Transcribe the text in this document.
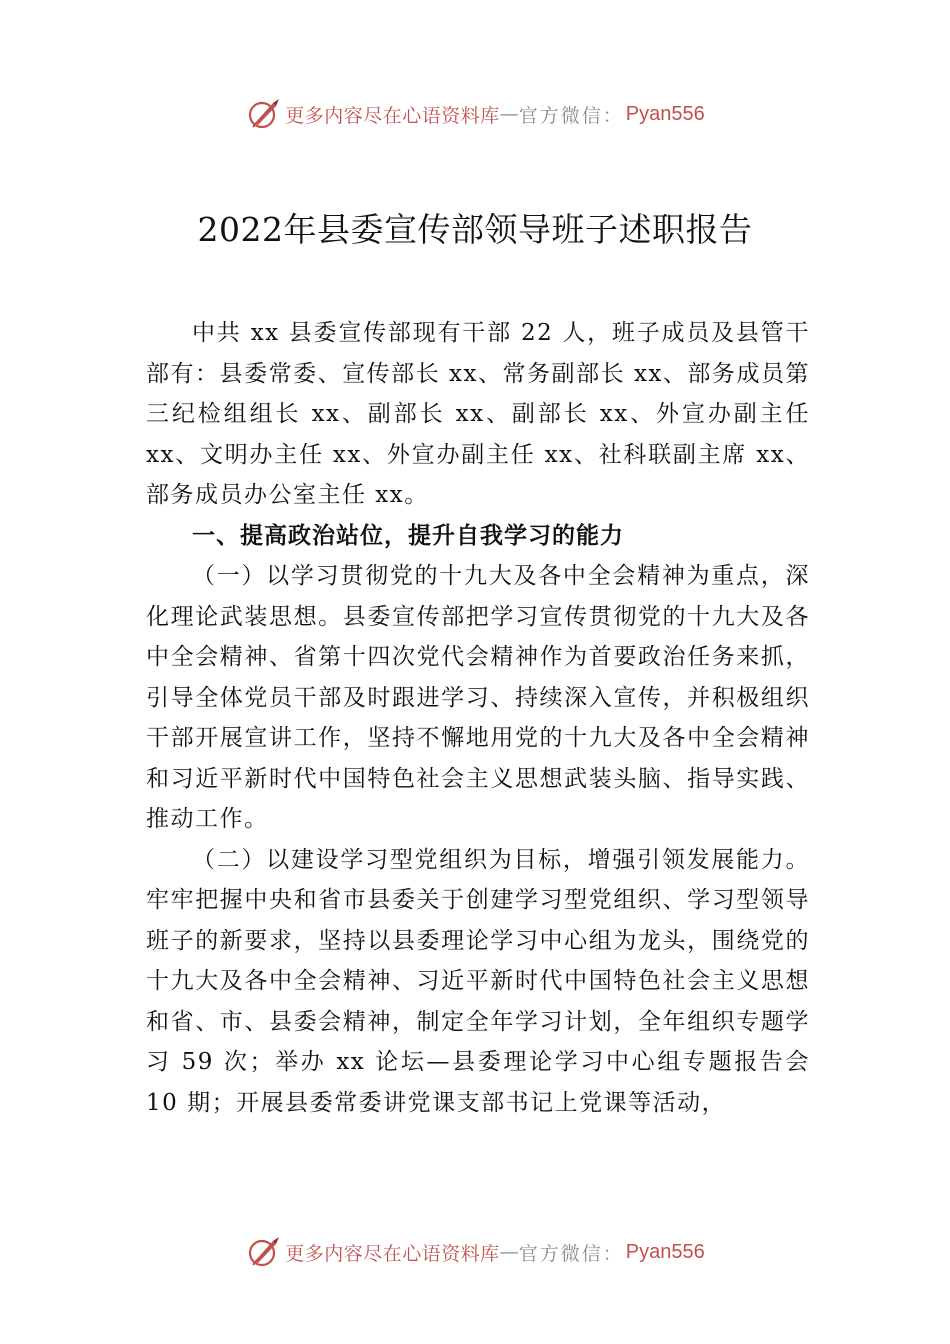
更多内容尽在心语资料库 — 官方微信： Pyan556
2022年县委宣传部领导班子述职报告

中共 xx 县委宣传部现有干部 22 人，班子成员及县管干部有：县委常委、宣传部长 xx、常务副部长 xx、部务成员第三纪检组组长 xx、副部长 xx、副部长 xx、外宣办副主任 xx、文明办主任 xx、外宣办副主任 xx、社科联副主席 xx、部务成员办公室主任 xx。

一、提高政治站位，提升自我学习的能力

（一）以学习贯彻党的十九大及各中全会精神为重点，深化理论武装思想。县委宣传部把学习宣传贯彻党的十九大及各中全会精神、省第十四次党代会精神作为首要政治任务来抓，引导全体党员干部及时跟进学习、持续深入宣传，并积极组织干部开展宣讲工作，坚持不懈地用党的十九大及各中全会精神和习近平新时代中国特色社会主义思想武装头脑、指导实践、推动工作。

（二）以建设学习型党组织为目标，增强引领发展能力。牢牢把握中央和省市县委关于创建学习型党组织、学习型领导班子的新要求，坚持以县委理论学习中心组为龙头，围绕党的十九大及各中全会精神、习近平新时代中国特色社会主义思想和省、市、县委会精神，制定全年学习计划，全年组织专题学习 59 次；举办 xx 论坛—县委理论学习中心组专题报告会 10 期；开展县委常委讲党课支部书记上党课等活动，

更多内容尽在心语资料库 — 官方微信： Pyan556
